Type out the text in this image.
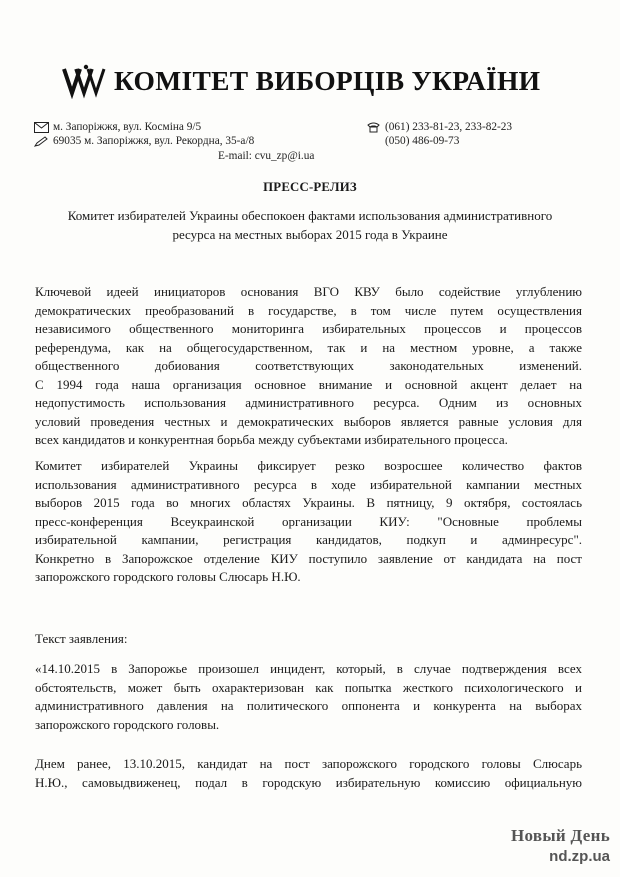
КОМІТЕТ ВИБОРЦІВ УКРАЇНИ
м. Запоріжжя, вул. Косміна 9/5
69035 м. Запоріжжя, вул. Рекордна, 35-а/8
(061) 233-81-23, 233-82-23
(050) 486-09-73
E-mail: cvu_zp@i.ua
ПРЕСС-РЕЛИЗ
Комитет избирателей Украины обеспокоен фактами использования административного
ресурса на местных выборах 2015 года в Украине
Ключевой идеей инициаторов основания ВГО КВУ было содействие углублению
демократических преобразований в государстве, в том числе путем осуществления
независимого общественного мониторинга избирательных процессов и процессов
референдума, как на общегосударственном, так и на местном уровне, а также
общественного добиования соответствующих законодательных изменений.
С 1994 года наша организация основное внимание и основной акцент делает на
недопустимость использования административного ресурса. Одним из основных
условий проведения честных и демократических выборов является равные условия для
всех кандидатов и конкурентная борьба между субъектами избирательного процесса.
Комитет избирателей Украины фиксирует резко возросшее количество фактов
использования административного ресурса в ходе избирательной кампании местных
выборов 2015 года во многих областях Украины. В пятницу, 9 октября, состоялась
пресс-конференция Всеукраинской организации КИУ: "Основные проблемы
избирательной кампании, регистрация кандидатов, подкуп и админресурс".
Конкретно в Запорожское отделение КИУ поступило заявление от кандидата на пост
запорожского городского головы Слюсарь Н.Ю.
Текст заявления:
«14.10.2015 в Запорожье произошел инцидент, который, в случае подтверждения всех
обстоятельств, может быть охарактеризован как попытка жесткого психологического и
административного давления на политического оппонента и конкурента на выборах
запорожского городского головы.
Днем ранее, 13.10.2015, кандидат на пост запорожского городского головы Слюсарь
Н.Ю., самовыдвиженец, подал в городскую избирательную комиссию официальную
Новый День
nd.zp.ua
